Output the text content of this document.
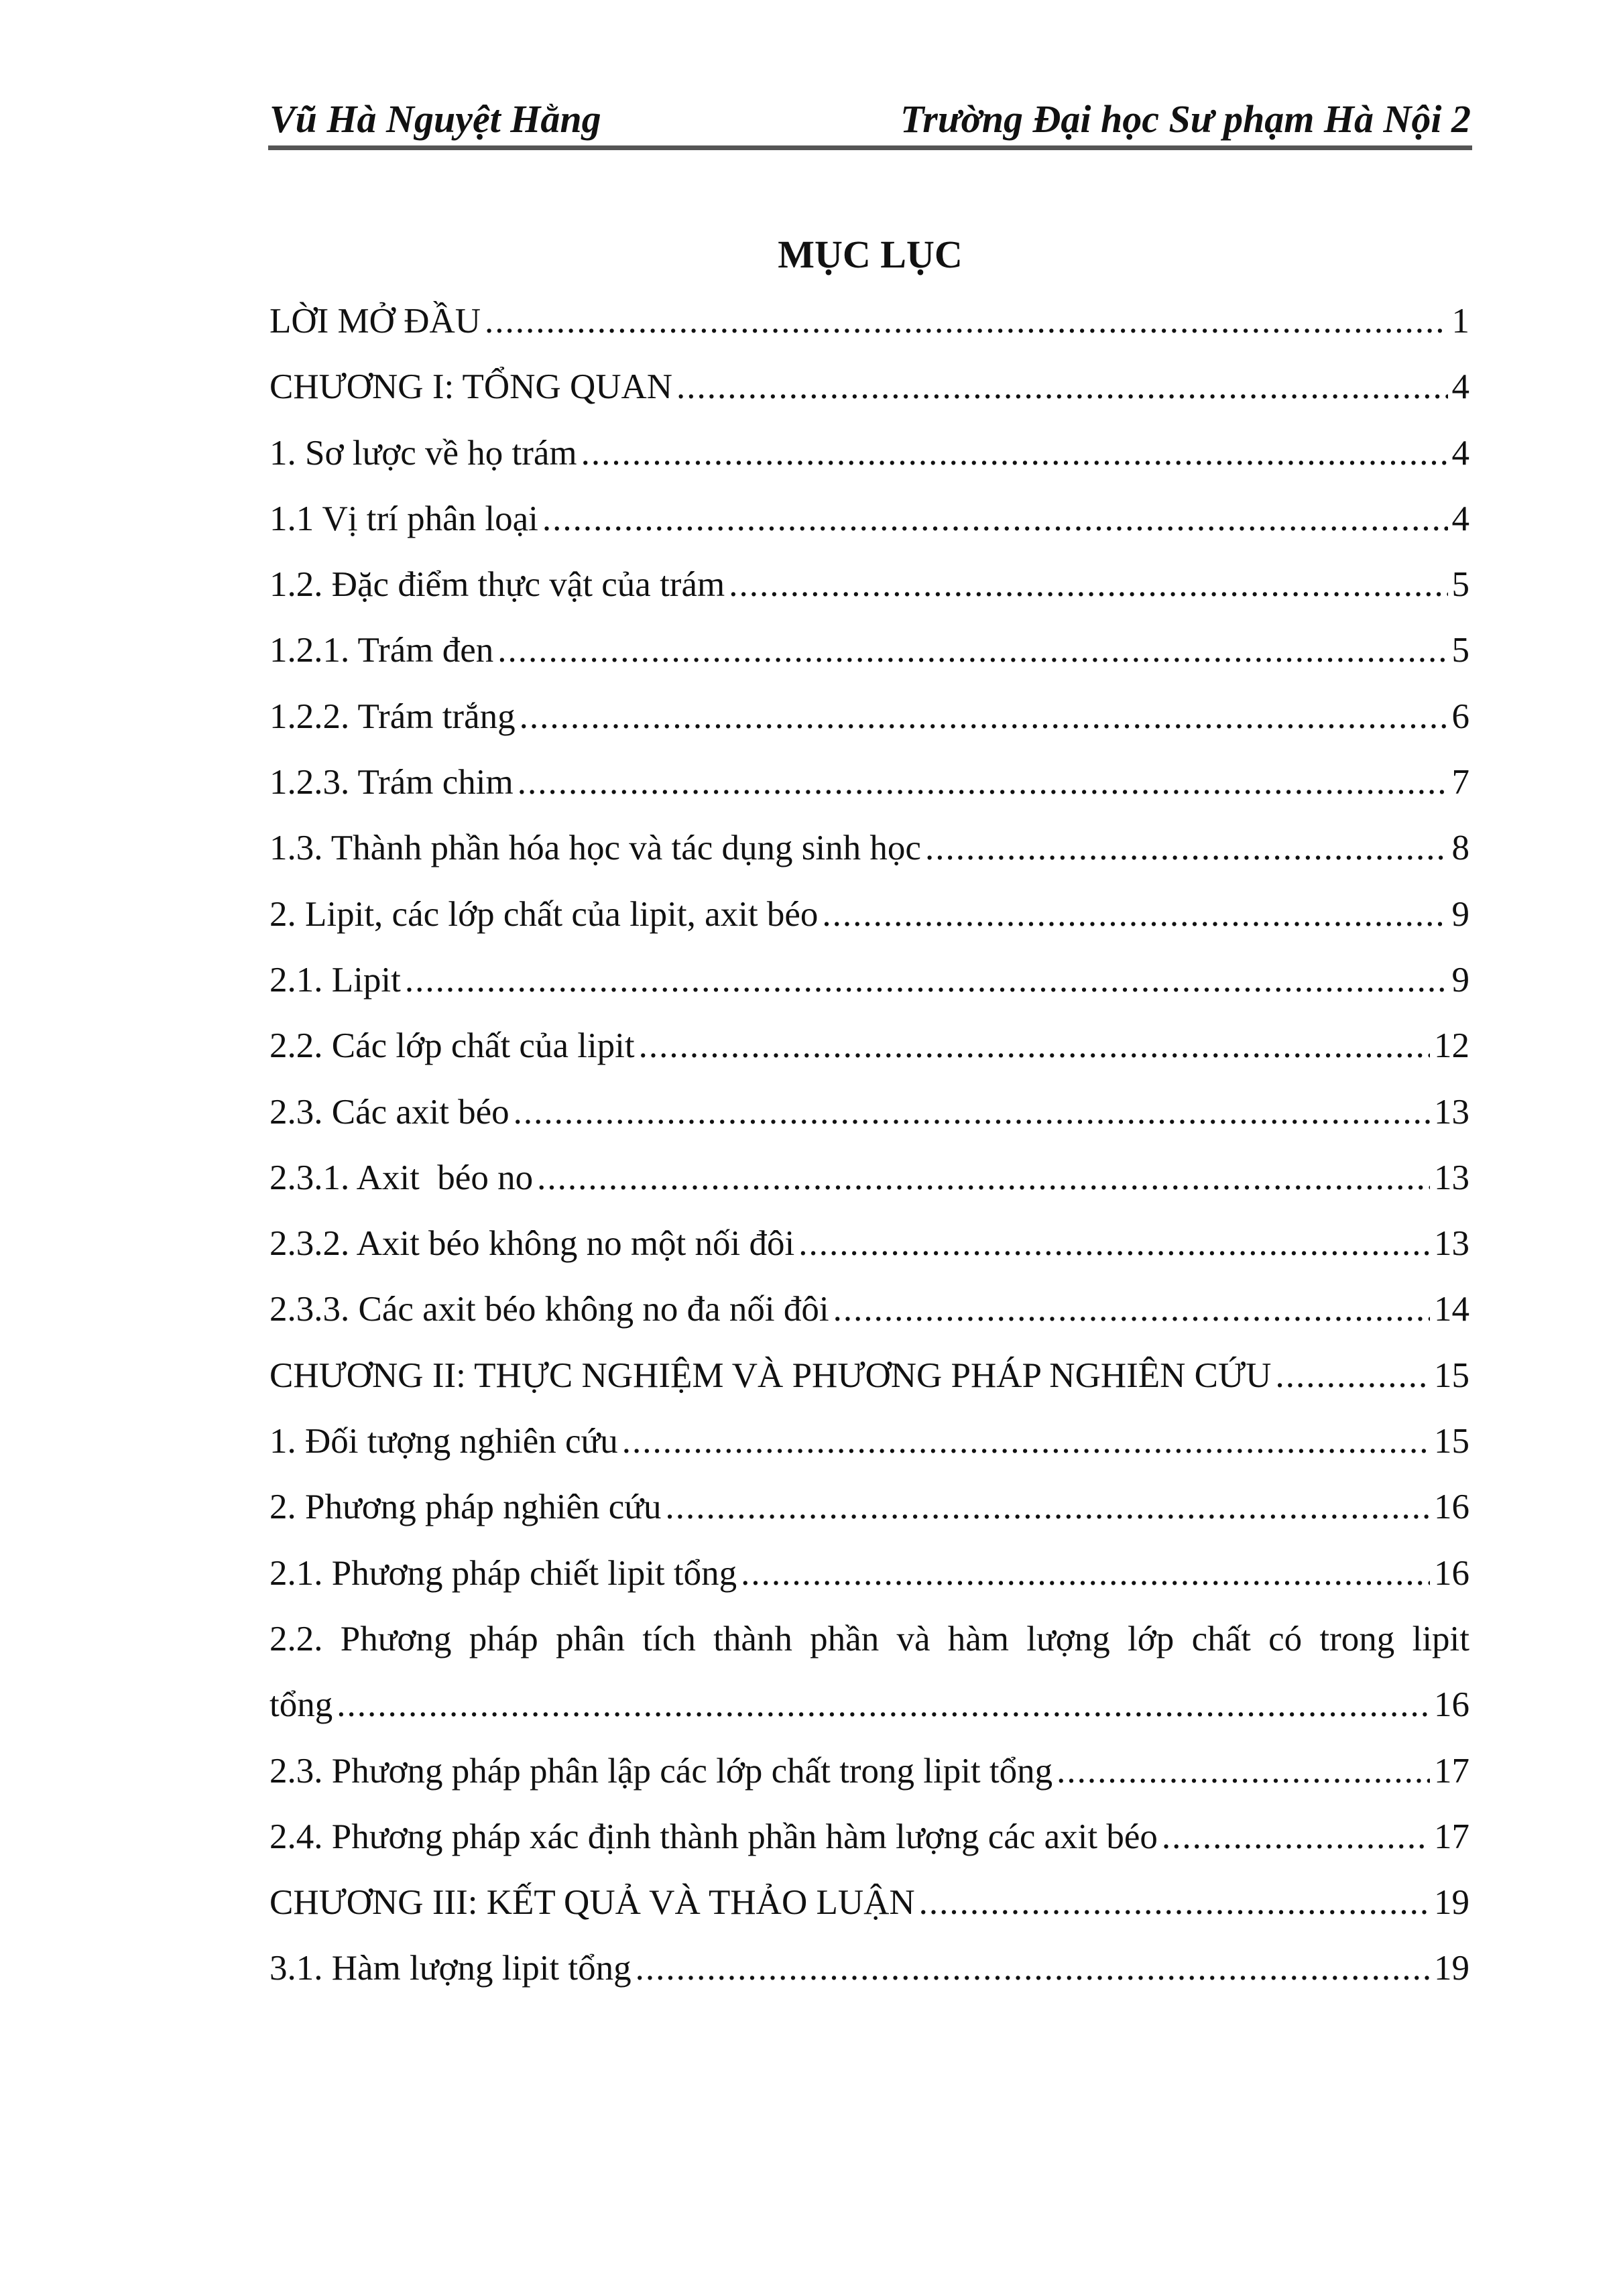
Vũ Hà Nguyệt Hằng	Trường Đại học Sư phạm Hà Nội 2
MỤC LỤC
LỜI MỞ ĐẦU .....	1
CHƯƠNG I: TỔNG QUAN .....	4
1. Sơ lược về họ trám .....	4
1.1 Vị trí phân loại .....	4
1.2. Đặc điểm thực vật của trám .....	5
1.2.1. Trám đen .....	5
1.2.2. Trám trắng .....	6
1.2.3. Trám chim .....	7
1.3. Thành phần hóa học và tác dụng sinh học .....	8
2. Lipit, các lớp chất của lipit, axit béo .....	9
2.1. Lipit .....	9
2.2. Các lớp chất của lipit .....	12
2.3. Các axit béo .....	13
2.3.1. Axit  béo no .....	13
2.3.2. Axit béo không no một nối đôi .....	13
2.3.3. Các axit béo không no đa nối đôi .....	14
CHƯƠNG II: THỰC NGHIỆM VÀ PHƯƠNG PHÁP NGHIÊN CỨU .....	15
1. Đối tượng nghiên cứu .....	15
2. Phương pháp nghiên cứu .....	16
2.1. Phương pháp chiết lipit tổng .....	16
2.2. Phương pháp phân tích thành phần và hàm lượng lớp chất có trong lipit
tổng .....	16
2.3. Phương pháp phân lập các lớp chất trong lipit tổng .....	17
2.4. Phương pháp xác định thành phần hàm lượng các axit béo .....	17
CHƯƠNG III: KẾT QUẢ VÀ THẢO LUẬN .....	19
3.1. Hàm lượng lipit tổng .....	19
